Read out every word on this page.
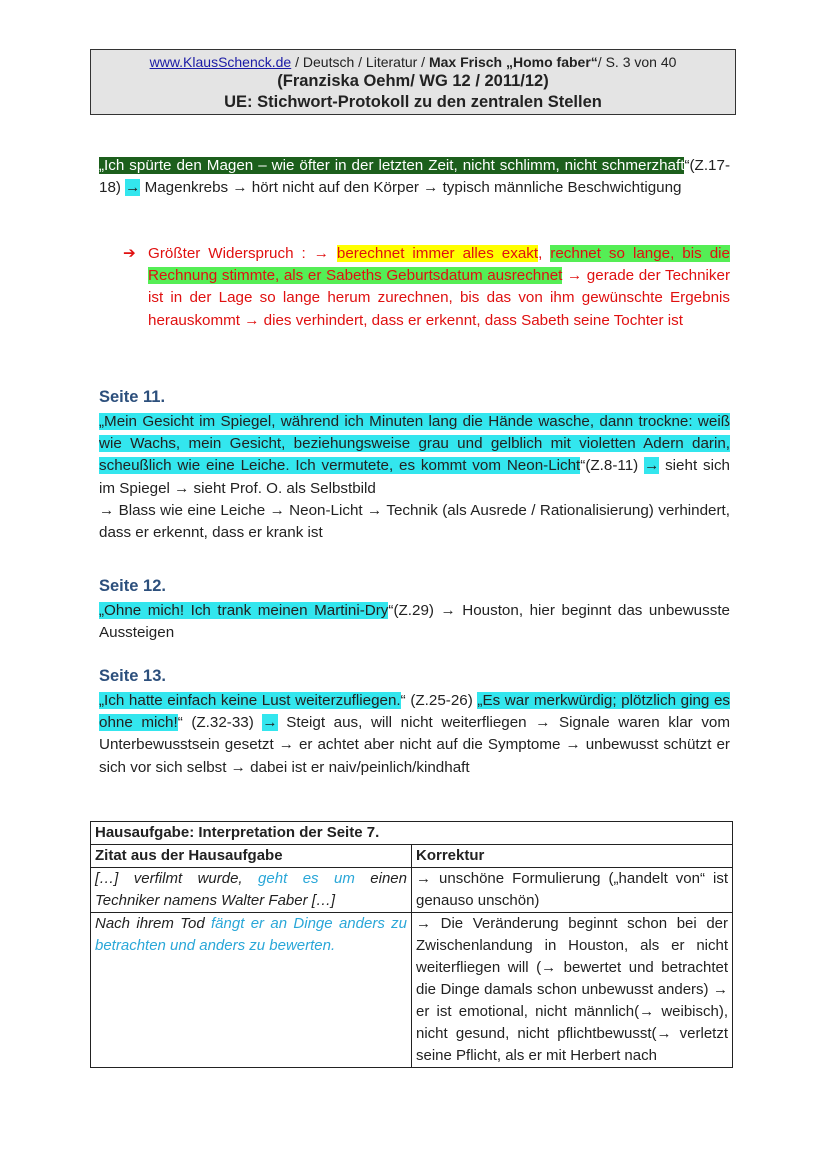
www.KlausSchenck.de / Deutsch / Literatur / Max Frisch „Homo faber“/ S. 3 von 40
(Franziska Oehm/ WG 12 / 2011/12)
UE: Stichwort-Protokoll zu den zentralen Stellen
„Ich spürte den Magen – wie öfter in der letzten Zeit, nicht schlimm, nicht schmerzhaft“(Z.17-18) → Magenkrebs → hört nicht auf den Körper → typisch männliche Beschwichtigung
➔ Größter Widerspruch : → berechnet immer alles exakt, rechnet so lange, bis die Rechnung stimmte, als er Sabeths Geburtsdatum ausrechnet → gerade der Techniker ist in der Lage so lange herum zurechnen, bis das von ihm gewünschte Ergebnis herauskommt → dies verhindert, dass er erkennt, dass Sabeth seine Tochter ist
Seite 11.
„Mein Gesicht im Spiegel, während ich Minuten lang die Hände wasche, dann trockne: weiß wie Wachs, mein Gesicht, beziehungsweise grau und gelblich mit violetten Adern darin, scheußlich wie eine Leiche. Ich vermutete, es kommt vom Neon-Licht“(Z.8-11) → sieht sich im Spiegel → sieht Prof. O. als Selbstbild
→ Blass wie eine Leiche → Neon-Licht → Technik (als Ausrede / Rationalisierung) verhindert, dass er erkennt, dass er krank ist
Seite 12.
„Ohne mich! Ich trank meinen Martini-Dry“(Z.29) → Houston, hier beginnt das unbewusste Aussteigen
Seite 13.
„Ich hatte einfach keine Lust weiterzufliegen.“ (Z.25-26) „Es war merkwürdig; plötzlich ging es ohne mich!“ (Z.32-33) → Steigt aus, will nicht weiterfliegen → Signale waren klar vom Unterbewusstsein gesetzt → er achtet aber nicht auf die Symptome → unbewusst schützt er sich vor sich selbst → dabei ist er naiv/peinlich/kindhaft
Hausaufgabe: Interpretation der Seite 7.	
Zitat aus der Hausaufgabe	Korrektur
[…] verfilmt wurde, geht es um einen Techniker namens Walter Faber […]	→ unschöne Formulierung („handelt von“ ist genauso unschön)
Nach ihrem Tod fängt er an Dinge anders zu betrachten und anders zu bewerten.	→ Die Veränderung beginnt schon bei der Zwischenlandung in Houston, als er nicht weiterfliegen will (→ bewertet und betrachtet die Dinge damals schon unbewusst anders) → er ist emotional, nicht männlich(→ weibisch), nicht gesund, nicht pflichtbewusst(→ verletzt seine Pflicht, als er mit Herbert nach
